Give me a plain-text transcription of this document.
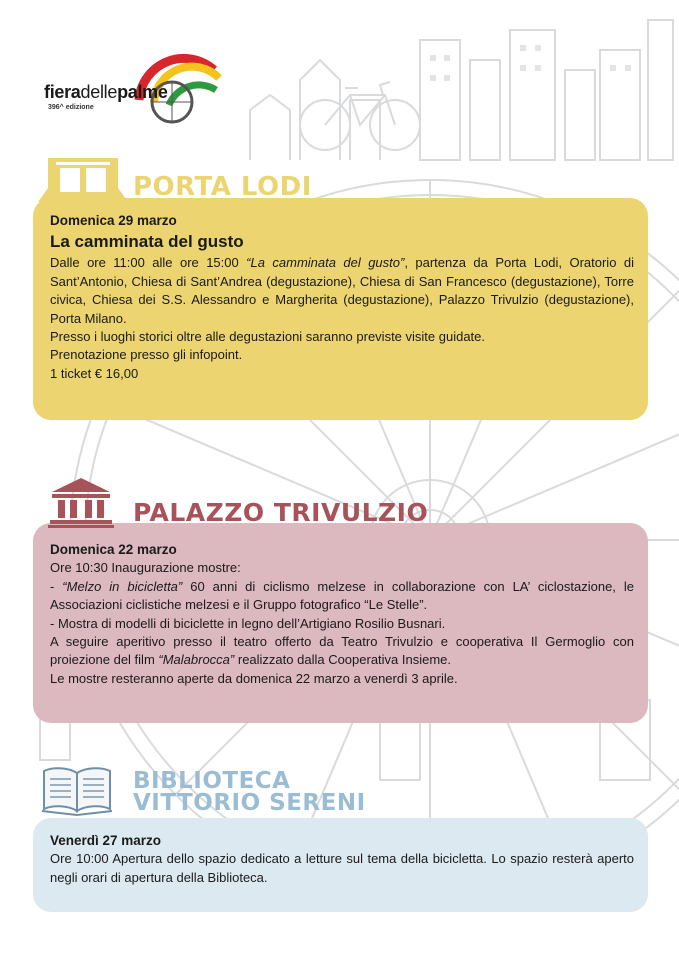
fieradellepalme
396^ edizione
PORTA LODI

Domenica 29 marzo

La camminata del gusto

Dalle ore 11:00 alle ore 15:00 “La camminata del gusto”, partenza da Porta Lodi, Oratorio di Sant’Antonio, Chiesa di Sant’Andrea (degustazione), Chiesa di San Francesco (degustazione), Torre civica, Chiesa dei S.S. Alessandro e Margherita (degustazione), Palazzo Trivulzio (degustazione), Porta Milano.

Presso i luoghi storici oltre alle degustazioni saranno previste visite guidate.

Prenotazione presso gli infopoint.

1 ticket € 16,00

PALAZZO TRIVULZIO

Domenica 22 marzo

Ore 10:30 Inaugurazione mostre:

- “Melzo in bicicletta” 60 anni di ciclismo melzese in collaborazione con LA’ ciclostazione, le Associazioni ciclistiche melzesi e il Gruppo fotografico “Le Stelle”.

- Mostra di modelli di biciclette in legno dell’Artigiano Rosilio Busnari.

A seguire aperitivo presso il teatro offerto da Teatro Trivulzio e cooperativa Il Germoglio con proiezione del film “Malabrocca” realizzato dalla Cooperativa Insieme.

Le mostre resteranno aperte da domenica 22 marzo a venerdì 3 aprile.

BIBLIOTECA
VITTORIO SERENI

Venerdì 27 marzo

Ore 10:00 Apertura dello spazio dedicato a letture sul tema della bicicletta. Lo spazio resterà aperto negli orari di apertura della Biblioteca.
